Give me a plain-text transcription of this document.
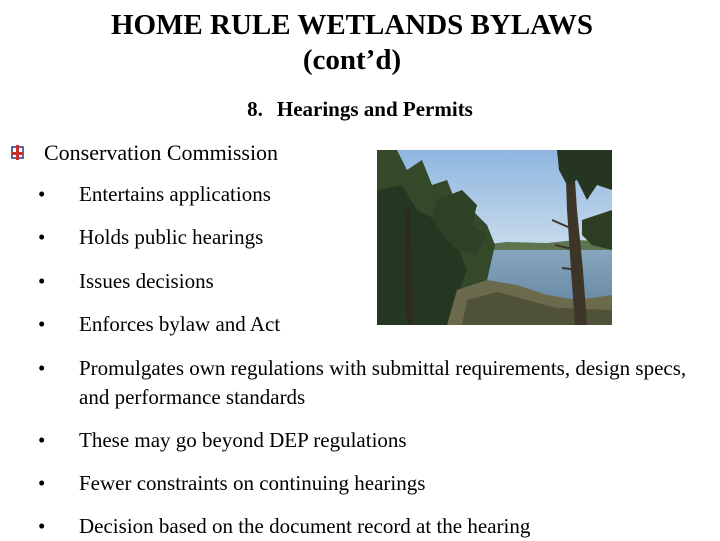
HOME RULE WETLANDS BYLAWS
(cont’d)
8. Hearings and Permits
Conservation Commission
•	Entertains applications
•	Holds public hearings
•	Issues decisions
•	Enforces bylaw and Act
•	Promulgates own regulations with submittal requirements, design specs, and performance standards
•	These may go beyond DEP regulations
•	Fewer constraints on continuing hearings
•	Decision based on the document record at the hearing
